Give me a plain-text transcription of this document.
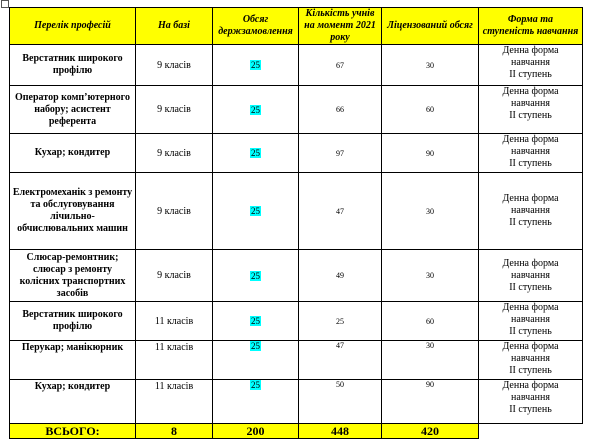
Перелік професій	На базі	Обсяг держзамовлення	Кількість учнів на момент 2021 року	Ліцензований обсяг	Форма та ступеність навчання
Верстатник широкого профілю	9 класів	25	67	30	Денна форма
навчання
ІІ ступень

Оператор комп’ютерного набору; асистент референта	9 класів	25	66	60	Денна форма
навчання
ІІ ступень

Кухар; кондитер	9 класів	25	97	90	Денна форма
навчання
ІІ ступень

Електромеханік з ремонту та обслуговування лічильно-обчислювальних машин	9 класів	25	47	30	Денна форма
навчання
ІІ ступень

Слюсар-ремонтник; слюсар з ремонту колісних транспортних засобів	9 класів	25	49	30	Денна форма
навчання
ІІ ступень

Верстатник широкого профілю	11 класів	25	25	60	Денна форма
навчання
ІІ ступень

Перукар; манікюрник	11 класів	25	47	30	Денна форма
навчання
ІІ ступень

Кухар; кондитер	11 класів	25	50	90	Денна форма
навчання
ІІ ступень

ВСЬОГО:	8	200	448	420	
